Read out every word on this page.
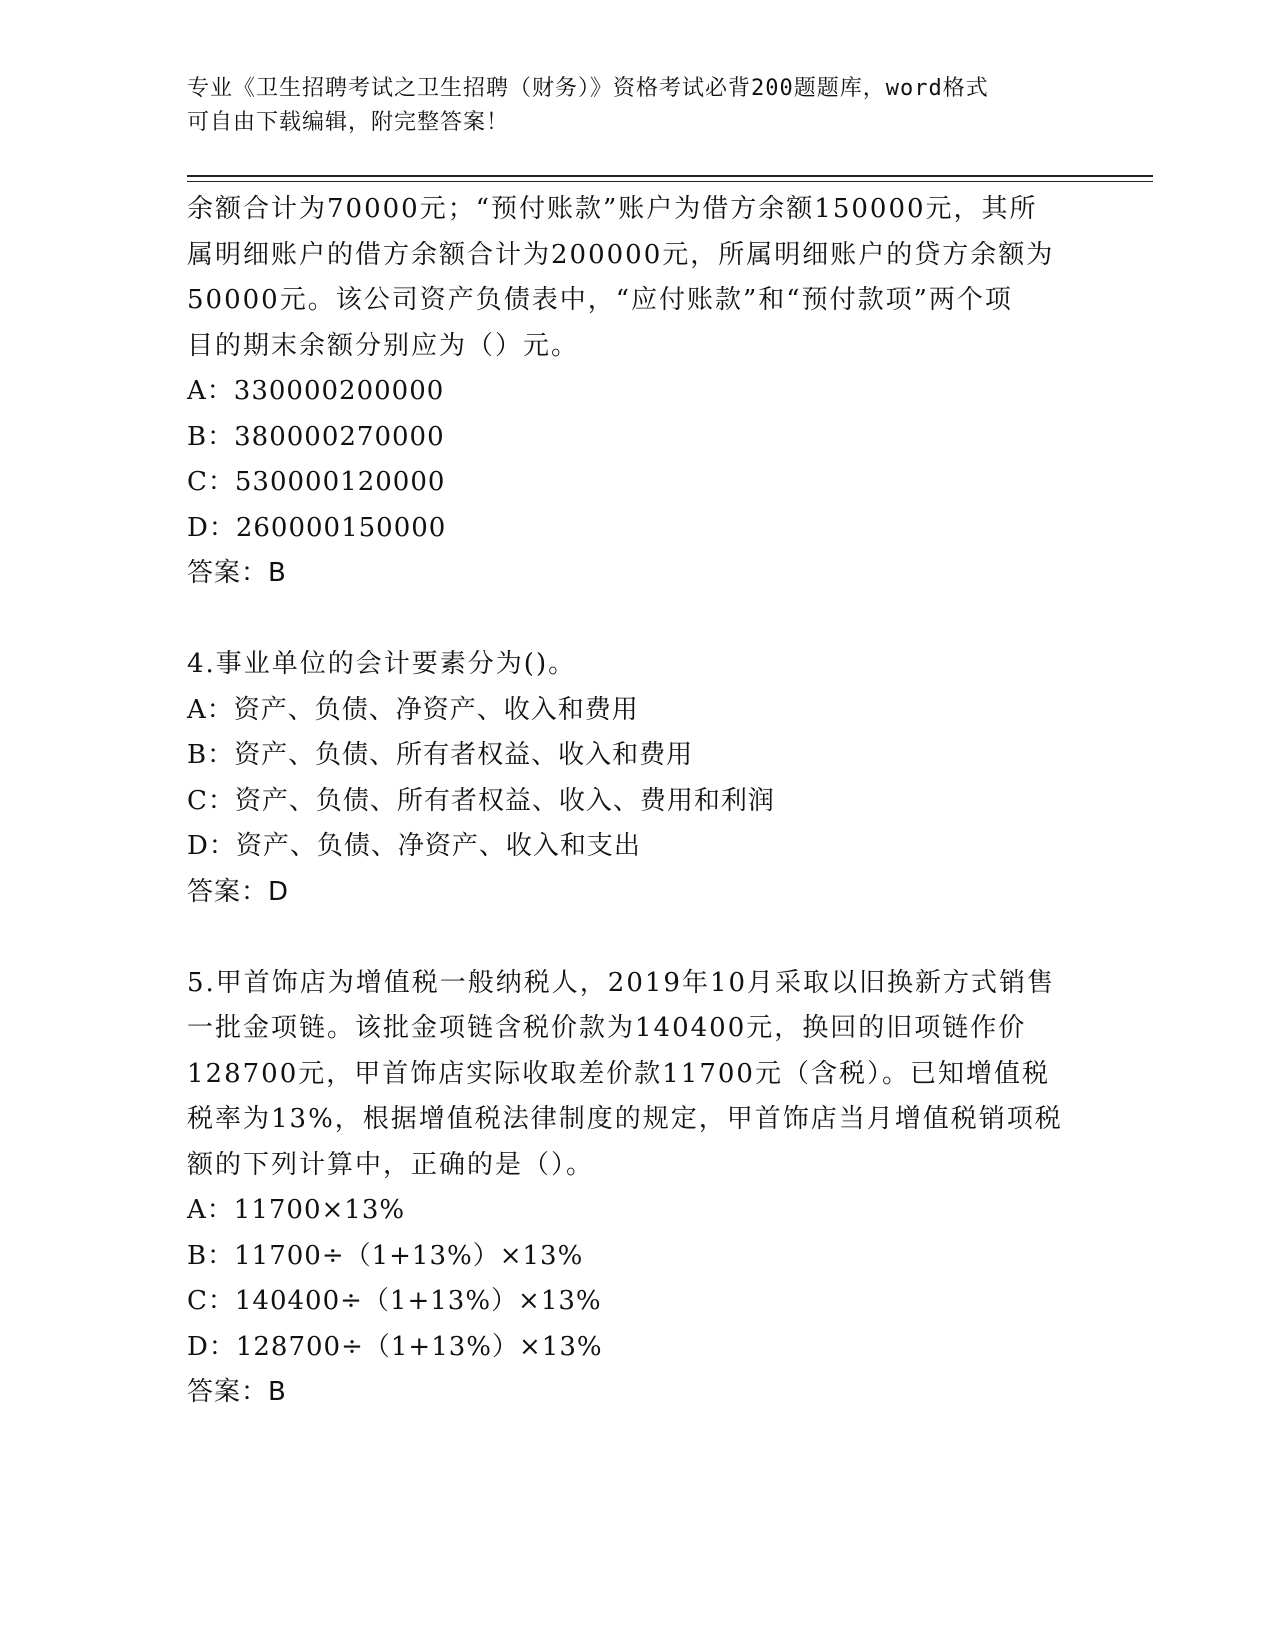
专业《卫生招聘考试之卫生招聘（财务）》资格考试必背200题题库，word格式
可自由下载编辑，附完整答案！
余额合计为70000元；“预付账款”账户为借方余额150000元，其所
属明细账户的借方余额合计为200000元，所属明细账户的贷方余额为
50000元。该公司资产负债表中，“应付账款”和“预付款项”两个项
目的期末余额分别应为（）元。
A：330000200000
B：380000270000
C：530000120000
D：260000150000
答案：B
4.事业单位的会计要素分为()。
A：资产、负债、净资产、收入和费用
B：资产、负债、所有者权益、收入和费用
C：资产、负债、所有者权益、收入、费用和利润
D：资产、负债、净资产、收入和支出
答案：D
5.甲首饰店为增值税一般纳税人，2019年10月采取以旧换新方式销售
一批金项链。该批金项链含税价款为140400元，换回的旧项链作价
128700元，甲首饰店实际收取差价款11700元（含税）。已知增值税
税率为13%，根据增值税法律制度的规定，甲首饰店当月增值税销项税
额的下列计算中，正确的是（）。
A：11700×13%
B：11700÷（1+13%）×13%
C：140400÷（1+13%）×13%
D：128700÷（1+13%）×13%
答案：B
